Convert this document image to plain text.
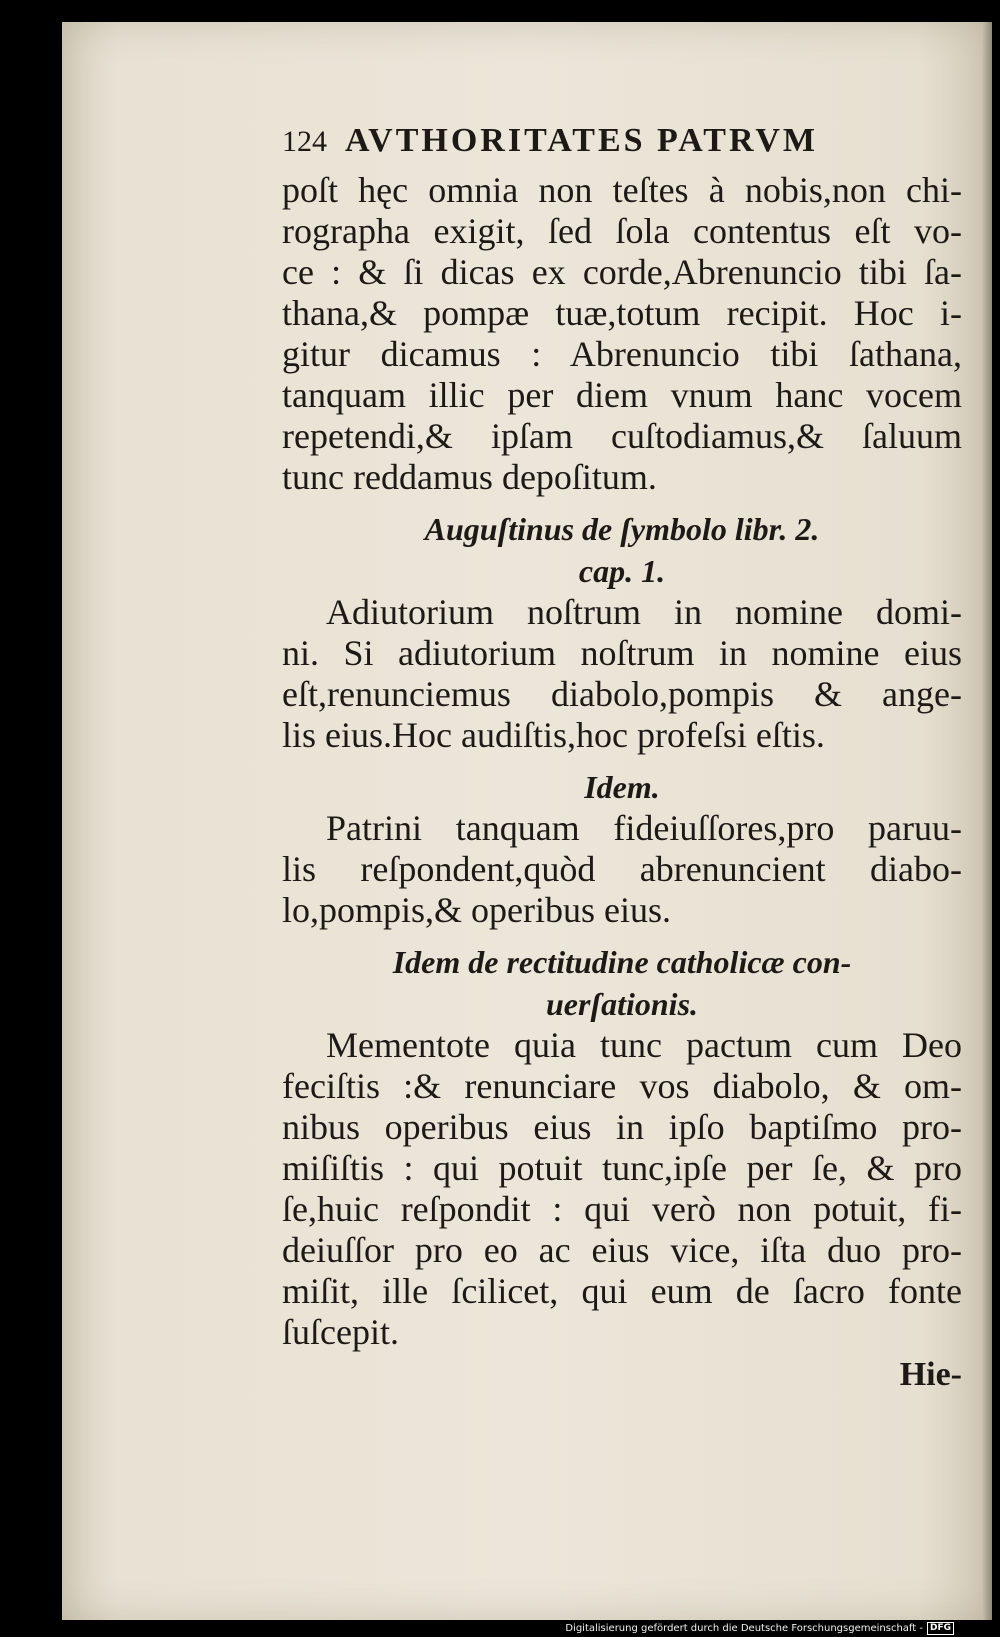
124 AVTHORITATES PATRVM
poſt hęc omnia non teſtes à nobis,non chi-
rographa exigit, ſed ſola contentus eſt vo-
ce : & ſi dicas ex corde,Abrenuncio tibi ſa-
thana,& pompæ tuæ,totum recipit. Hoc i-
gitur dicamus : Abrenuncio tibi ſathana,
tanquam illic per diem vnum hanc vocem
repetendi,& ipſam cuſtodiamus,& ſaluum
tunc reddamus depoſitum.
Auguſtinus de ſymbolo libr. 2.
cap. 1.
Adiutorium noſtrum in nomine domi-
ni. Si adiutorium noſtrum in nomine eius
eſt,renunciemus diabolo,pompis & ange-
lis eius.Hoc audiſtis,hoc profeſsi eſtis.
Idem.
Patrini tanquam fideiuſſores,pro paruu-
lis reſpondent,quòd abrenuncient diabo-
lo,pompis,& operibus eius.
Idem de rectitudine catholicæ con-
uerſationis.
Mementote quia tunc pactum cum Deo
feciſtis :& renunciare vos diabolo, & om-
nibus operibus eius in ipſo baptiſmo pro-
miſiſtis : qui potuit tunc,ipſe per ſe, & pro
ſe,huic reſpondit : qui verò non potuit, fi-
deiuſſor pro eo ac eius vice, iſta duo pro-
miſit, ille ſcilicet, qui eum de ſacro fonte
ſuſcepit.
Hie-
Digitalisierung gefördert durch die Deutsche Forschungsgemeinschaft - DFG
